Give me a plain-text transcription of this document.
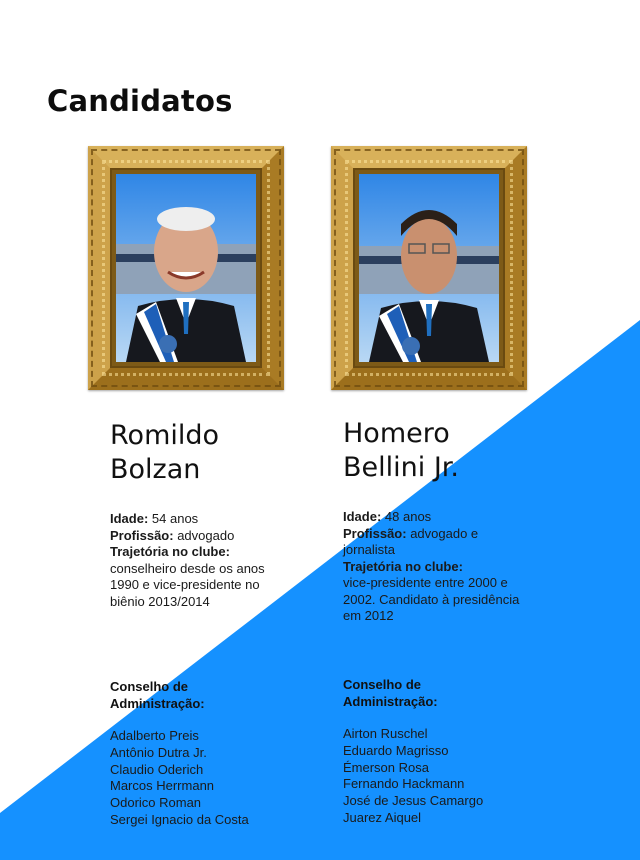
Candidatos
Romildo
Bolzan
Homero
Bellini Jr.
Idade: 54 anos
Profissão: advogado
Trajetória no clube:
conselheiro desde os anos 1990 e vice-presidente no biênio 2013/2014
Idade: 48 anos
Profissão: advogado e jornalista
Trajetória no clube:
vice-presidente entre 2000 e 2002. Candidato à presidência em 2012
Conselho de
Administração:
Conselho de
Administração:
Adalberto Preis
Antônio Dutra Jr.
Claudio Oderich
Marcos Herrmann
Odorico Roman
Sergei Ignacio da Costa
Airton Ruschel
Eduardo Magrisso
Émerson Rosa
Fernando Hackmann
José de Jesus Camargo
Juarez Aiquel
